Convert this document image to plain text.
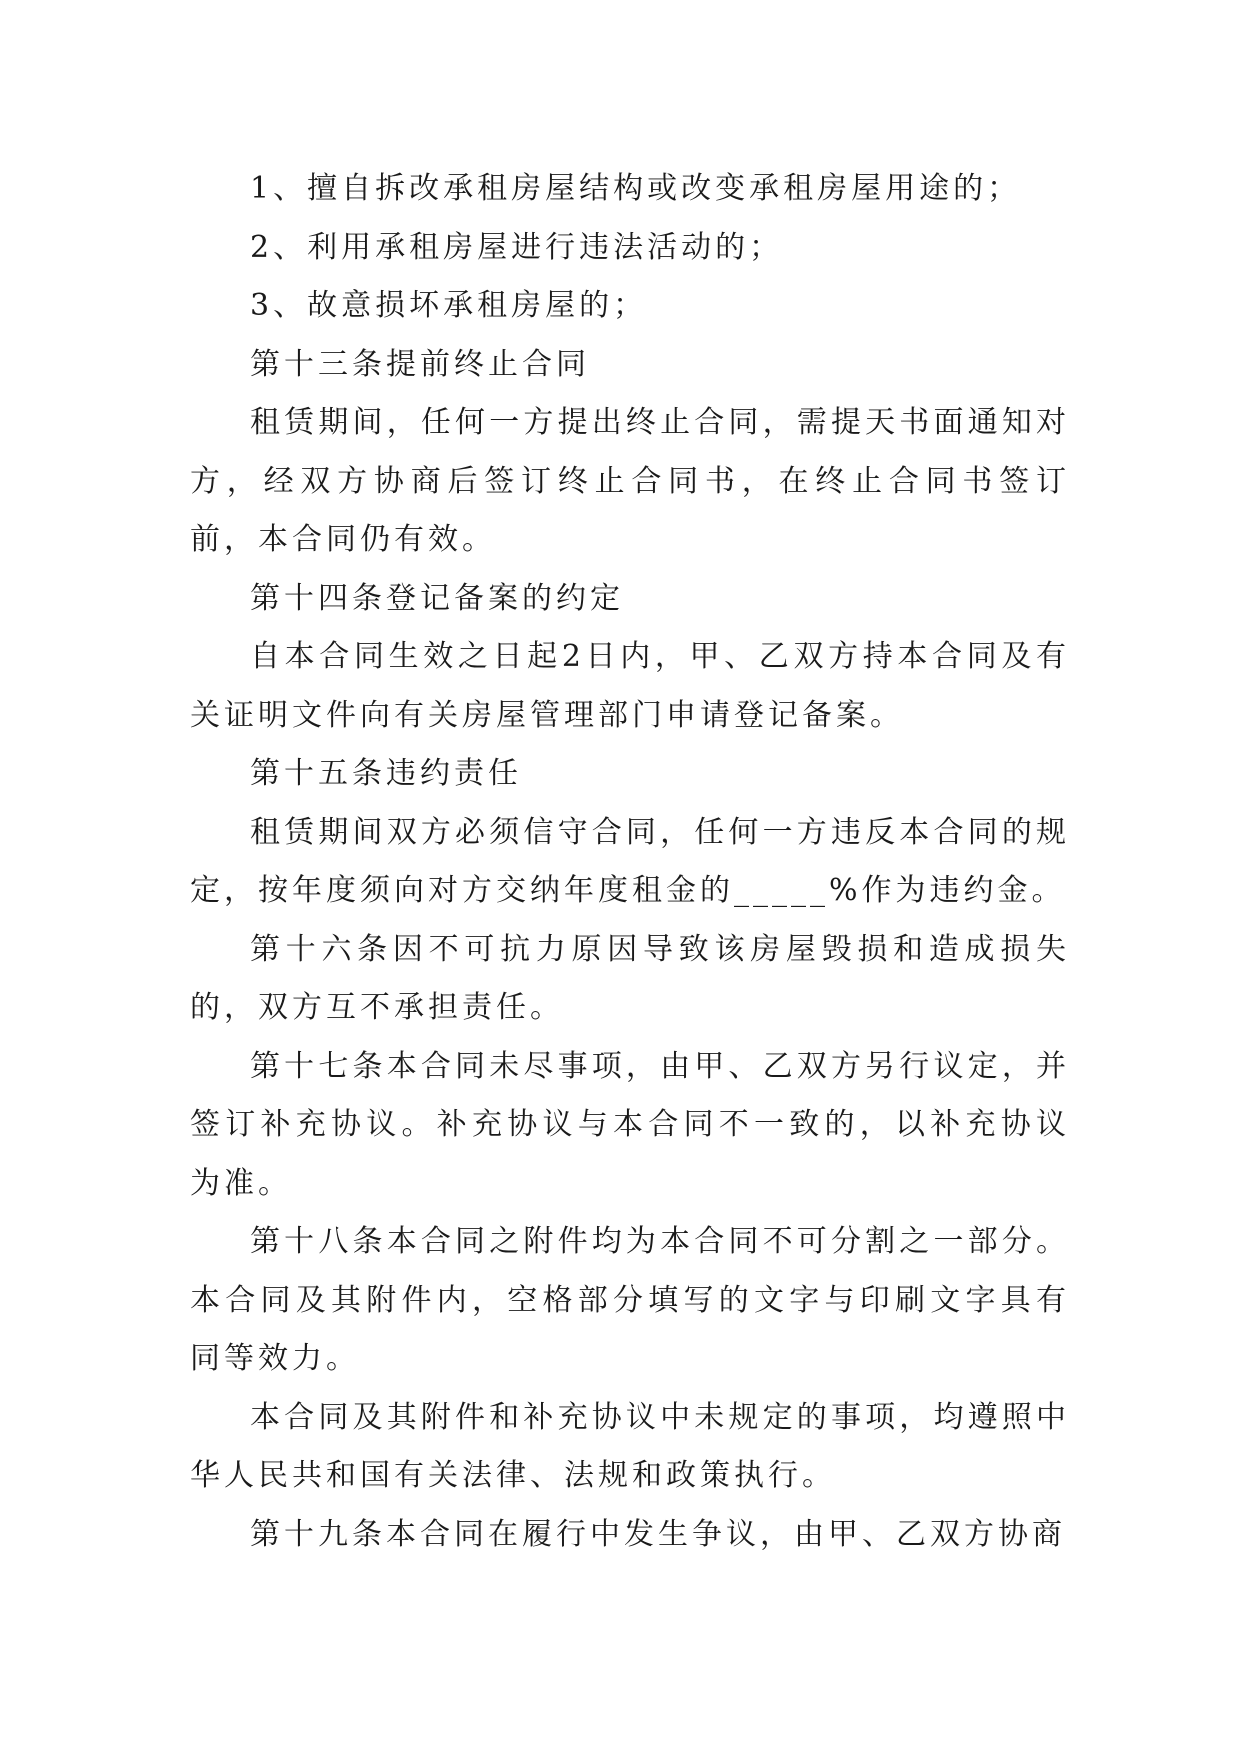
1、擅自拆改承租房屋结构或改变承租房屋用途的；

2、利用承租房屋进行违法活动的；

3、故意损坏承租房屋的；

第十三条提前终止合同

租赁期间，任何一方提出终止合同，需提天书面通知对方，经双方协商后签订终止合同书，在终止合同书签订前，本合同仍有效。

第十四条登记备案的约定

自本合同生效之日起2日内，甲、乙双方持本合同及有关证明文件向有关房屋管理部门申请登记备案。

第十五条违约责任

租赁期间双方必须信守合同，任何一方违反本合同的规定，按年度须向对方交纳年度租金的_____%作为违约金。

第十六条因不可抗力原因导致该房屋毁损和造成损失的，双方互不承担责任。

第十七条本合同未尽事项，由甲、乙双方另行议定，并签订补充协议。补充协议与本合同不一致的，以补充协议为准。

第十八条本合同之附件均为本合同不可分割之一部分。本合同及其附件内，空格部分填写的文字与印刷文字具有同等效力。

本合同及其附件和补充协议中未规定的事项，均遵照中华人民共和国有关法律、法规和政策执行。

第十九条本合同在履行中发生争议，由甲、乙双方协商
